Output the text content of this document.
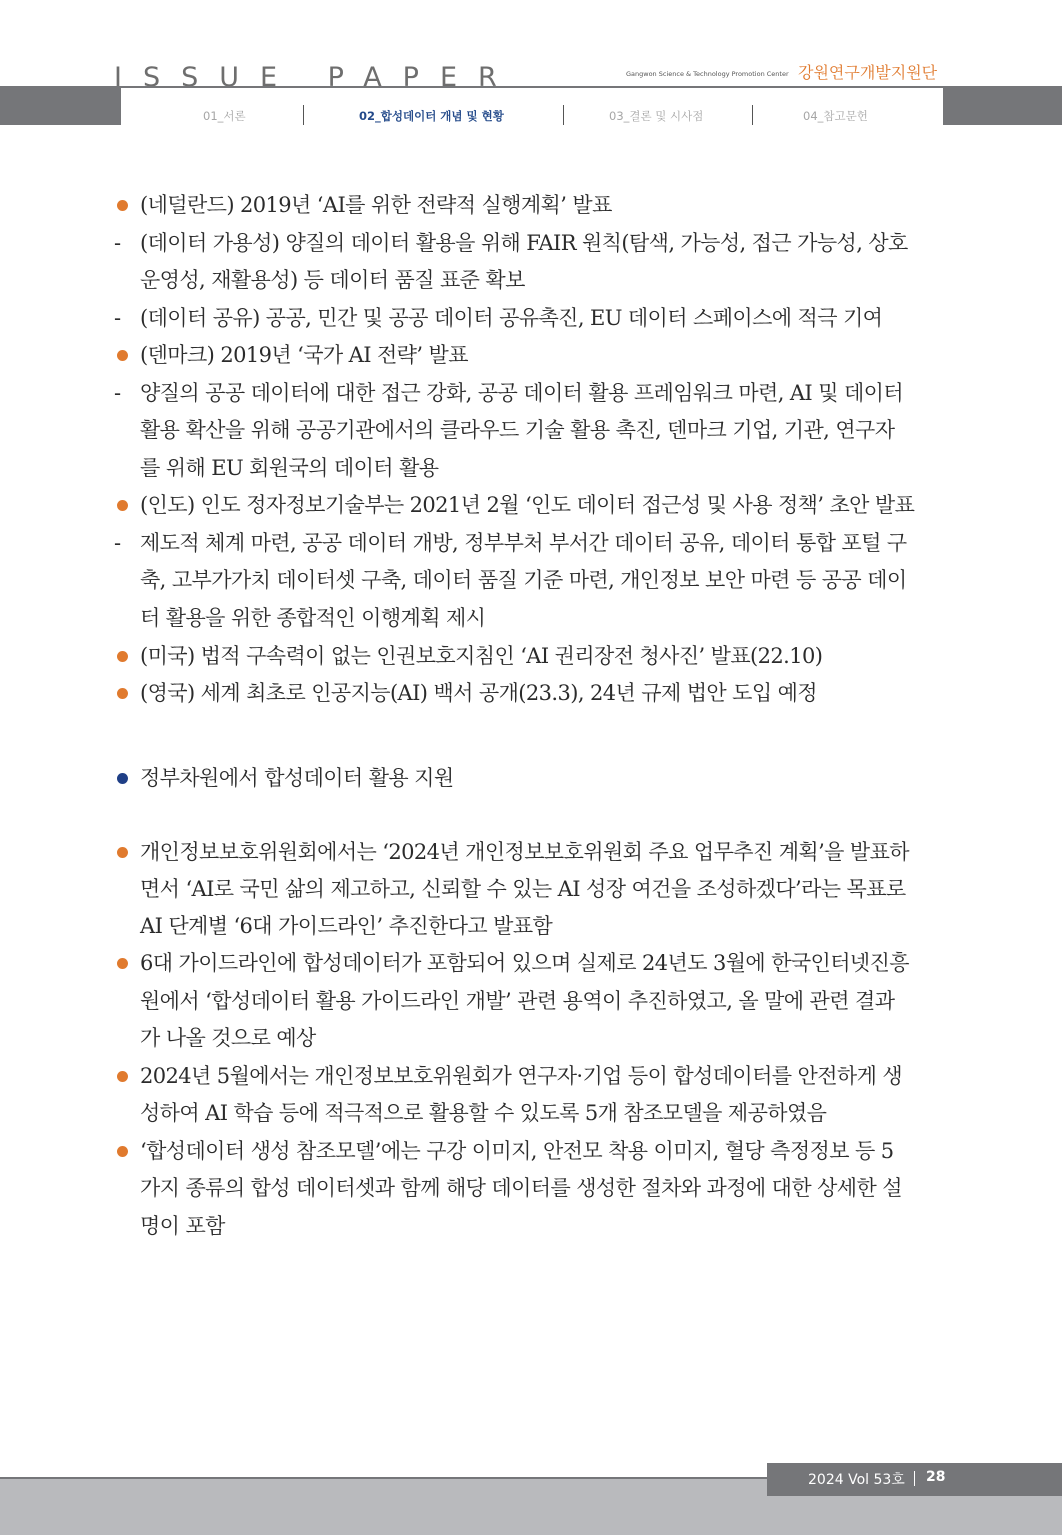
ISSUE PAPER	Gangwon Science & Technology Promotion Center 강원연구개발지원단
01_서론	02_합성데이터 개념 및 현황	03_결론 및 시사점	04_참고문헌
(네덜란드) 2019년 ‘AI를 위한 전략적 실행계획’ 발표
- (데이터 가용성) 양질의 데이터 활용을 위해 FAIR 원칙(탐색, 가능성, 접근 가능성, 상호
운영성, 재활용성) 등 데이터 품질 표준 확보
- (데이터 공유) 공공, 민간 및 공공 데이터 공유촉진, EU 데이터 스페이스에 적극 기여
(덴마크) 2019년 ‘국가 AI 전략’ 발표
- 양질의 공공 데이터에 대한 접근 강화, 공공 데이터 활용 프레임워크 마련, AI 및 데이터
활용 확산을 위해 공공기관에서의 클라우드 기술 활용 촉진, 덴마크 기업, 기관, 연구자
를 위해 EU 회원국의 데이터 활용
(인도) 인도 정자정보기술부는 2021년 2월 ‘인도 데이터 접근성 및 사용 정책’ 초안 발표
- 제도적 체계 마련, 공공 데이터 개방, 정부부처 부서간 데이터 공유, 데이터 통합 포털 구
축, 고부가가치 데이터셋 구축, 데이터 품질 기준 마련, 개인정보 보안 마련 등 공공 데이
터 활용을 위한 종합적인 이행계획 제시
(미국) 법적 구속력이 없는 인권보호지침인 ‘AI 권리장전 청사진’ 발표(22.10)
(영국) 세계 최초로 인공지능(AI) 백서 공개(23.3), 24년 규제 법안 도입 예정
정부차원에서 합성데이터 활용 지원
개인정보보호위원회에서는 ‘2024년 개인정보보호위원회 주요 업무추진 계획’을 발표하
면서 ‘AI로 국민 삶의 제고하고, 신뢰할 수 있는 AI 성장 여건을 조성하겠다’라는 목표로
AI 단계별 ‘6대 가이드라인’ 추진한다고 발표함
6대 가이드라인에 합성데이터가 포함되어 있으며 실제로 24년도 3월에 한국인터넷진흥
원에서 ‘합성데이터 활용 가이드라인 개발’ 관련 용역이 추진하였고, 올 말에 관련 결과
가 나올 것으로 예상
2024년 5월에서는 개인정보보호위원회가 연구자·기업 등이 합성데이터를 안전하게 생
성하여 AI 학습 등에 적극적으로 활용할 수 있도록 5개 참조모델을 제공하였음
‘합성데이터 생성 참조모델’에는 구강 이미지, 안전모 착용 이미지, 혈당 측정정보 등 5
가지 종류의 합성 데이터셋과 함께 해당 데이터를 생성한 절차와 과정에 대한 상세한 설
명이 포함
2024 Vol 53호 28
